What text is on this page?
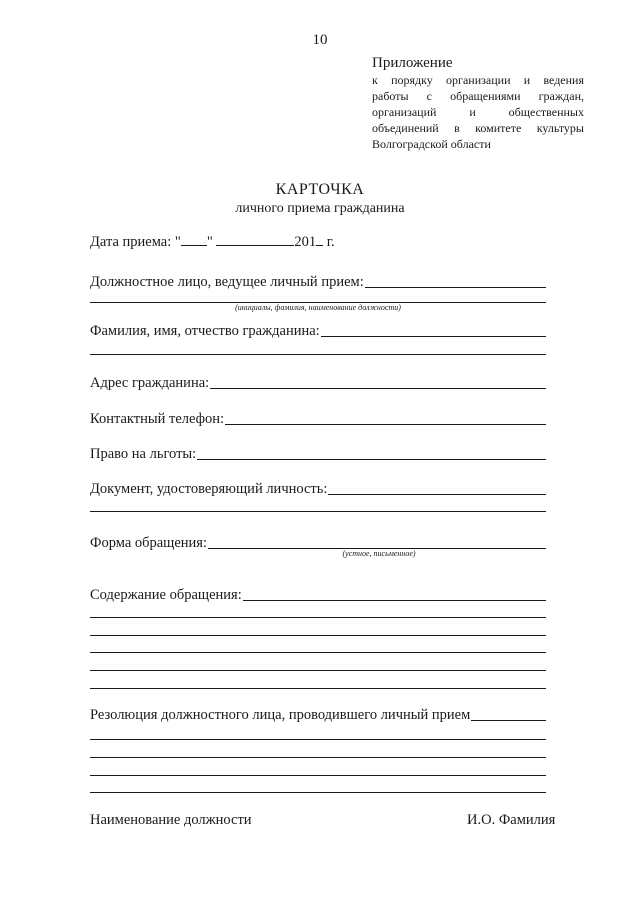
10
Приложение
к порядку организации и ведения
работы с обращениями граждан,
организаций и общественных
объединений в комитете культуры
Волгоградской области
КАРТОЧКА
личного приема гражданина
Дата приема: " "	201 г.
Должностное лицо, ведущее личный прием:
(инициалы, фамилия, наименование должности)
Фамилия, имя, отчество гражданина:
Адрес гражданина:
Контактный телефон:
Право на льготы:
Документ, удостоверяющий личность:
Форма обращения:
(устное, письменное)
Содержание обращения:
Резолюция должностного лица, проводившего личный прием
Наименование должности	И.О. Фамилия
